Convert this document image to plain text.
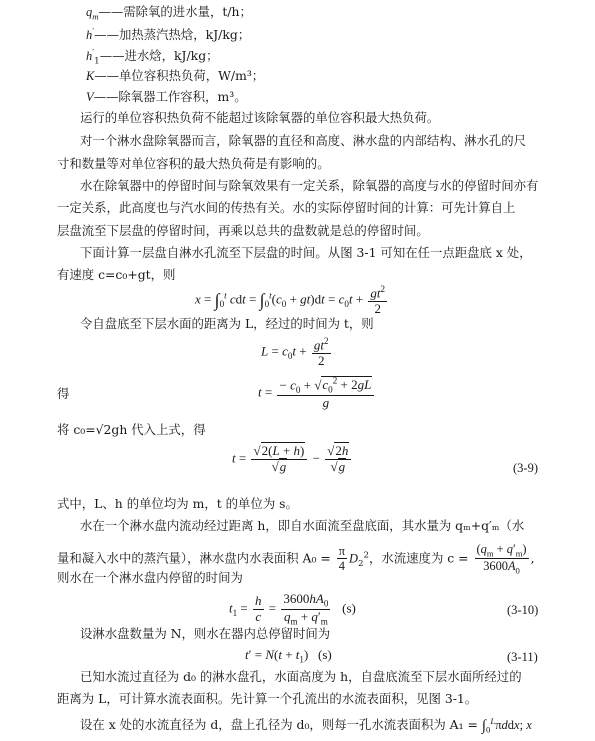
$q_m——$需除氧的进水量，t/h；
h′——加热蒸汽热焓，kJ/kg；
$h'_1——$进水焓，kJ/kg；
K——单位容积热负荷，W/m³；
V——除氧器工作容积，m³。
运行的单位容积热负荷不能超过该除氧器的单位容积最大热负荷。
对一个淋水盘除氧器而言，除氧器的直径和高度、淋水盘的内部结构、淋水孔的尺
寸和数量等对单位容积的最大热负荷是有影响的。
水在除氧器中的停留时间与除氧效果有一定关系，除氧器的高度与水的停留时间亦有
一定关系，此高度也与汽水间的传热有关。水的实际停留时间的计算：可先计算自上
层盘流至下层盘的停留时间，再乘以总共的盘数就是总的停留时间。
下面计算一层盘自淋水孔流至下层盘的时间。从图 3-1 可知在任一点距盘底 x 处，
有速度 c=c₀+gt，则
$x = \int_0^t$ cdt = $\int_0^t(c_0 + gt)dt = c_0t + \frac{gt^2}{2}$
令自盘底至下层水面的距离为 L，经过的时间为 t，则
$L = c_0t + \frac{gt^2}{2}$
得	$t = \frac{- c_0 + √c_0^2 + 2gL}{g}$
将 c₀=√2gh 代入上式，得
$t = \frac{√2(L + h)}{√g} - \frac{√2h}{√g}$	(3-9)
式中，L、h 的单位均为 m，t 的单位为 s。
水在一个淋水盘内流动经过距离 h，即自水面流至盘底面，其水量为 qₘ+q′ₘ（水
量和凝入水中的蒸汽量），淋水盘内水表面积 $A_0 = \frac{\pi}{4} D_2^2$，水流速度为 $c = \frac{(q_m + q'_m)}{3600A_0}$ ,
则水在一个淋水盘内停留的时间为
$t_1 = \frac{h}{c} = \frac{3600hA_0}{q_m + q'_m} (s)$	(3-10)
设淋水盘数量为 N，则水在器内总停留时间为
$t' = N(t + t_1)$   (s)	(3-11)
已知水流过直径为 d₀ 的淋水盘孔，水面高度为 h，自盘底流至下层水面所经过的
距离为 L，可计算水流表面积。先计算一个孔流出的水流表面积，见图 3-1。
设在 x 处的水流直径为 d，盘上孔径为 d₀，则每一孔水流表面积为 $A_1 = \int_0^L\pi ddx$; x
